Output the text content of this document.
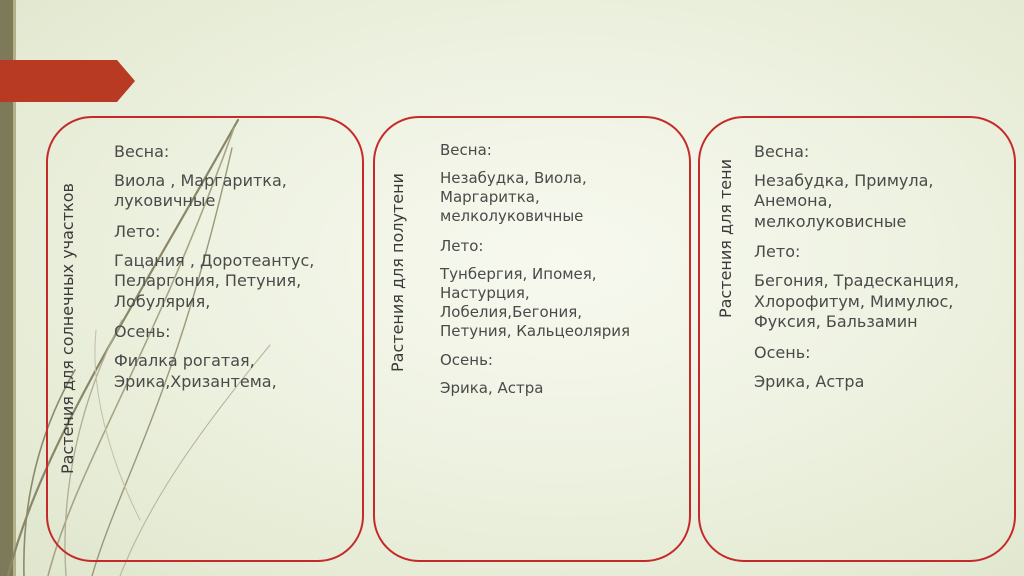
Растения для солнечных участков
Весна:
Виола , Маргаритка,
луковичные
Лето:
Гацания , Доротеантус,
Пеларгония, Петуния,
Лобулярия,
Осень:
Фиалка рогатая,
Эрика,Хризантема,
Растения для полутени
Весна:
Незабудка, Виола,
Маргаритка,
мелколуковичные
Лето:
Тунбергия, Ипомея,
Настурция,
Лобелия,Бегония,
Петуния, Кальцеолярия
Осень:
Эрика, Астра
Растения для тени
Весна:
Незабудка, Примула,
Анемона,
мелколуковисные
Лето:
Бегония, Традесканция,
Хлорофитум, Мимулюс,
Фуксия, Бальзамин
Осень:
Эрика, Астра
